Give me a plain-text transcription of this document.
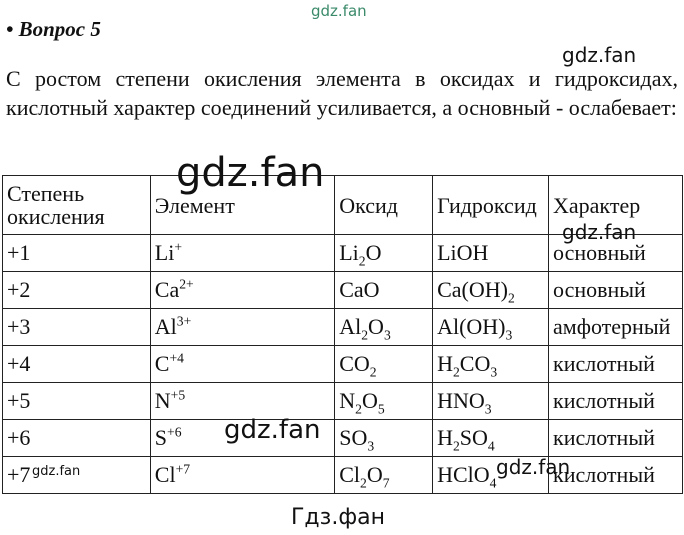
• Вопрос 5
С ростом степени окисления элемента в оксидах и гидроксидах, кислотный характер соединений усиливается, а основный - ослабевает:
Степень окисления	Элемент	Оксид	Гидроксид	Характер
+1	Li+	$Li_2O$	LiOH	основный
+2	$Ca^{2+}$	CaO	$Ca(OH)_2$	основный
+3	$Al^{3+}$	$Al_2O_3$	$Al(OH)_3$	амфотерный
+4	$C^{+4}$	$CO_2$	$H_2CO_3$	кислотный
+5	$N^{+5}$	$N_2O_5$	$HNO_3$	кислотный
+6	$S^{+6}$	$SO_3$	$H_2SO_4$	кислотный
+7	$Cl^{+7}$	$Cl_2O_7$	HClO$_4$	кислотный
gdz.fan
gdz.fan
gdz.fan
gdz.fan
gdz.fan
gdz.fan	gdz.fan
Гдз.фан
